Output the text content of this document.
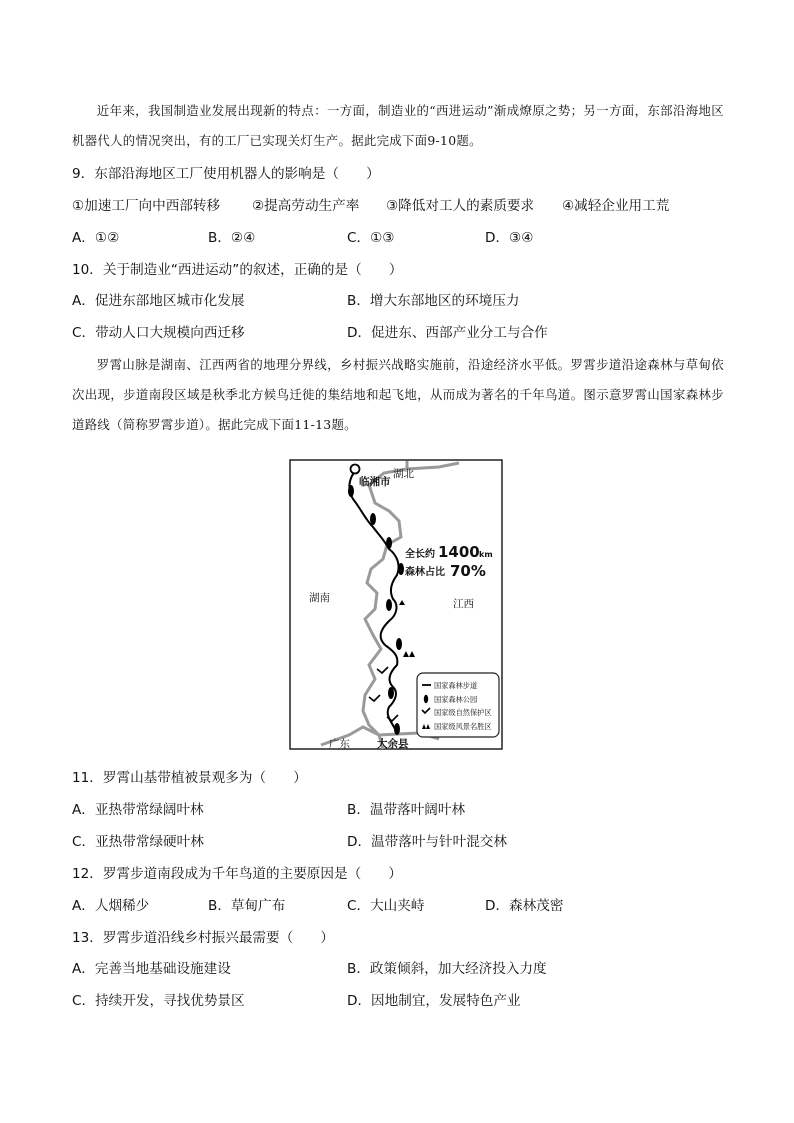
近年来，我国制造业发展出现新的特点：一方面，制造业的“西进运动”渐成燎原之势；另一方面，东部沿海地区机器代人的情况突出，有的工厂已实现关灯生产。据此完成下面9-10题。
9．东部沿海地区工厂使用机器人的影响是（　　）
①加速工厂向中西部转移 ②提高劳动生产率 ③降低对工人的素质要求 ④减轻企业用工荒
A．①②	B．②④	C．①③	D．③④
10．关于制造业“西进运动”的叙述，正确的是（　　）
A．促进东部地区城市化发展	B．增大东部地区的环境压力
C．带动人口大规模向西迁移	D．促进东、西部产业分工与合作
罗霄山脉是湖南、江西两省的地理分界线，乡村振兴战略实施前，沿途经济水平低。罗霄步道沿途森林与草甸依次出现，步道南段区域是秋季北方候鸟迁徙的集结地和起飞地，从而成为著名的千年鸟道。图示意罗霄山国家森林步道路线（简称罗霄步道）。据此完成下面11-13题。
湖北
临湘市
湖南	江西
广东	大余县
全长约 1400 km
森林占比 70%
国家森林步道
国家森林公园
国家级自然保护区
国家级风景名胜区
11．罗霄山基带植被景观多为（　　）
A．亚热带常绿阔叶林	B．温带落叶阔叶林
C．亚热带常绿硬叶林	D．温带落叶与针叶混交林
12．罗霄步道南段成为千年鸟道的主要原因是（　　）
A．人烟稀少	B．草甸广布	C．大山夹峙	D．森林茂密
13．罗霄步道沿线乡村振兴最需要（　　）
A．完善当地基础设施建设	B．政策倾斜，加大经济投入力度
C．持续开发，寻找优势景区	D．因地制宜，发展特色产业
